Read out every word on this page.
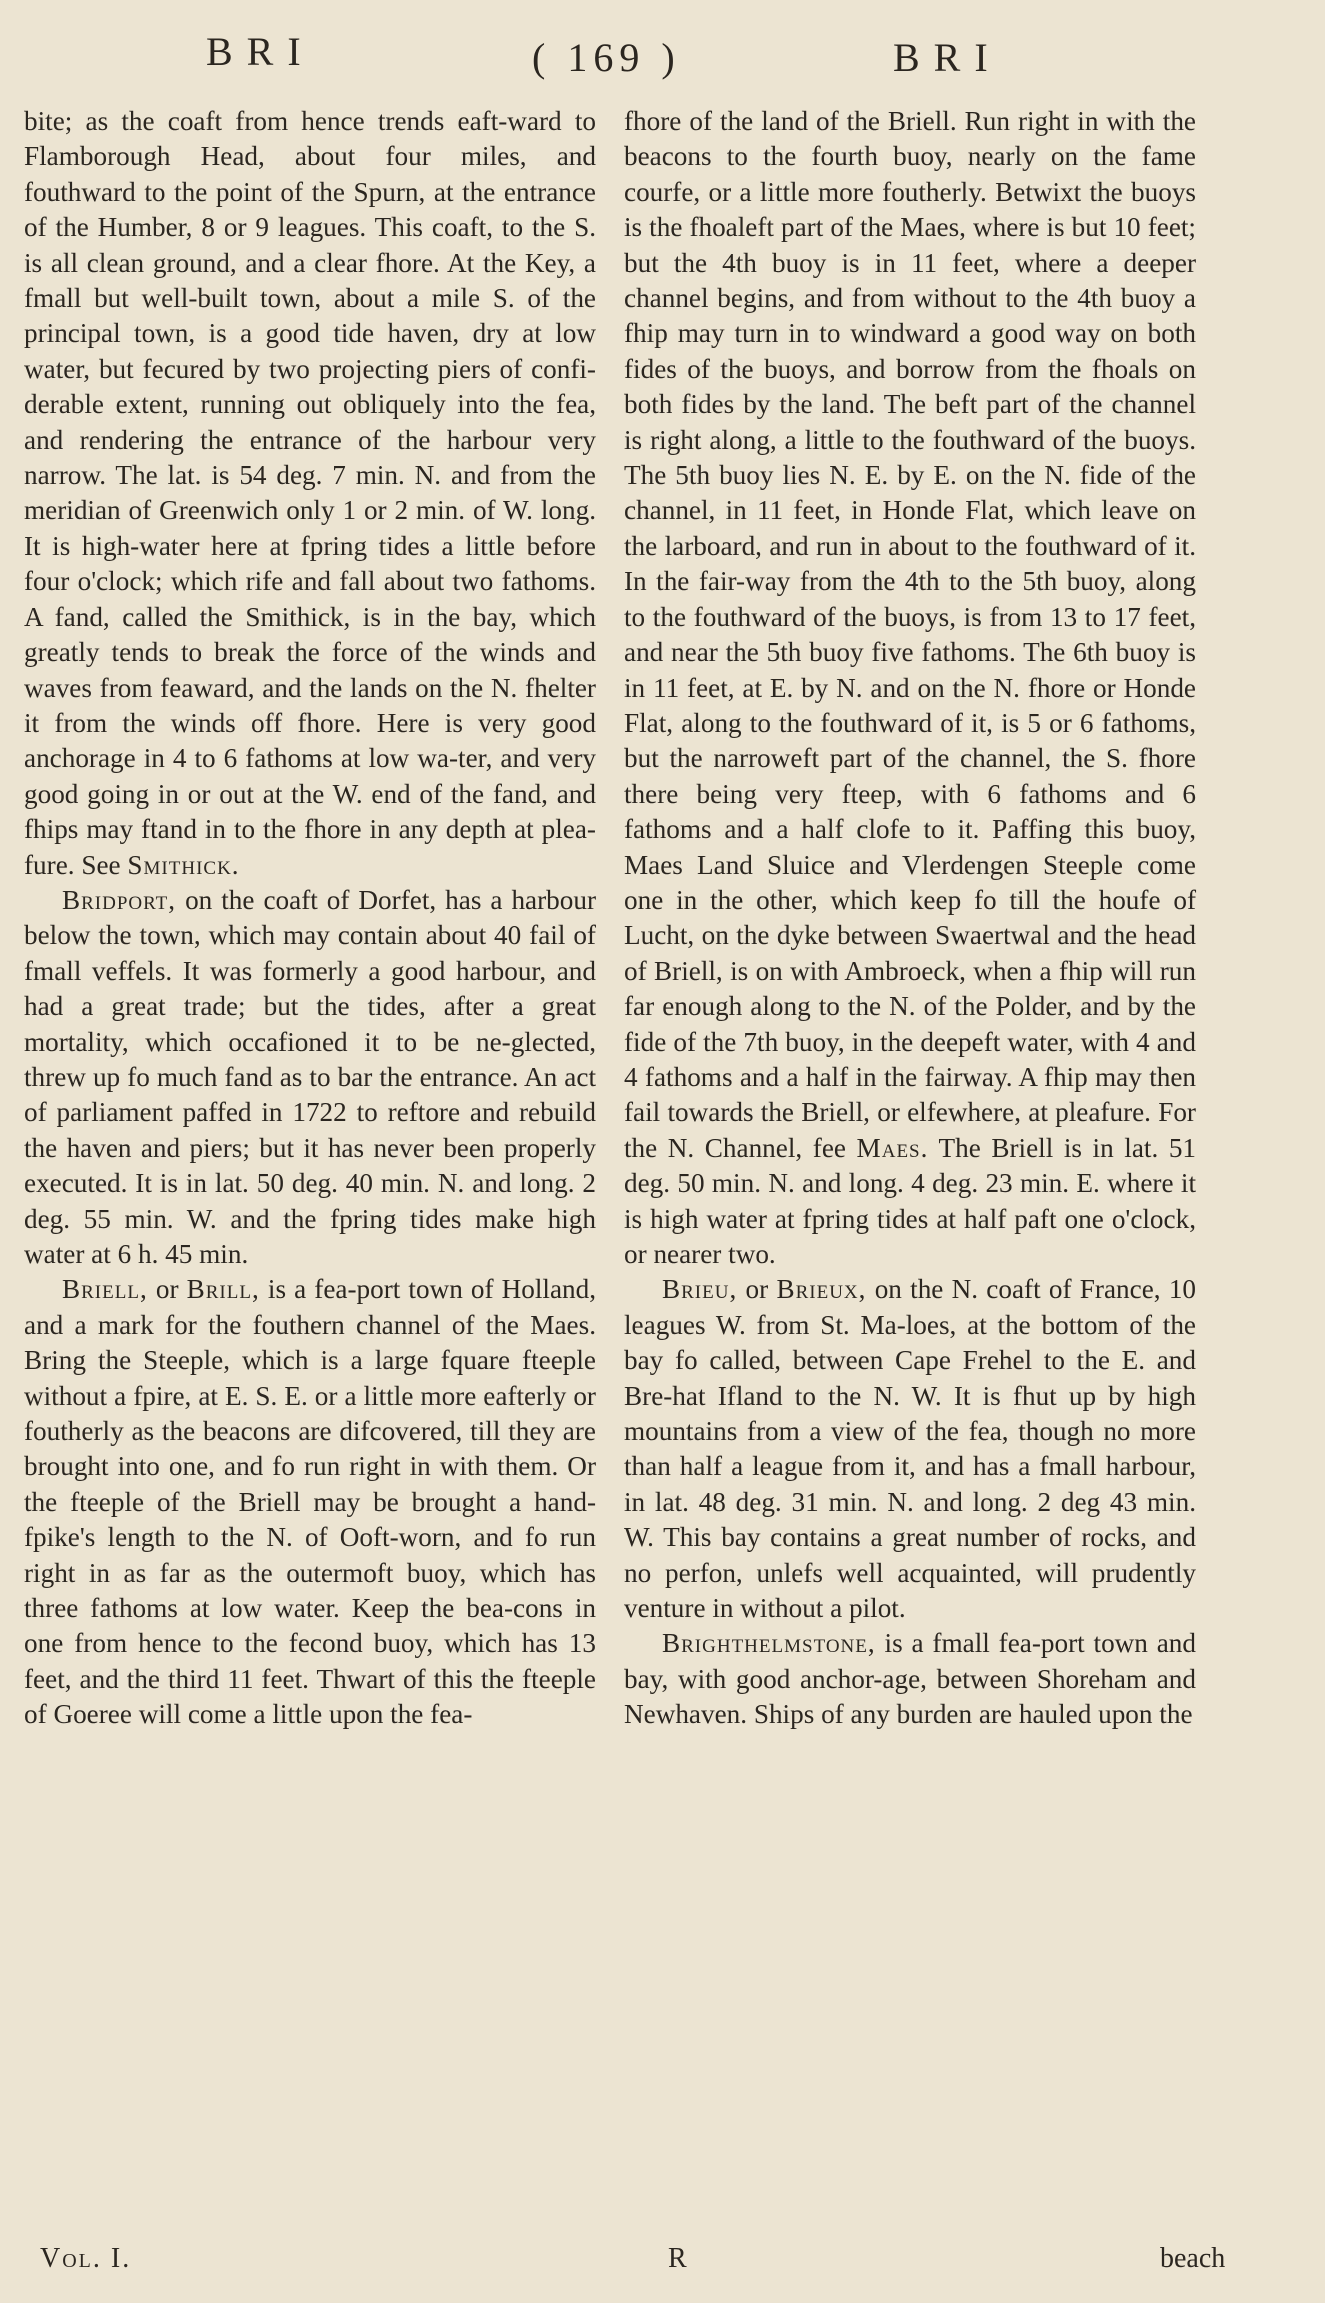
BRI	( 169 )	BRI

bite; as the coaft from hence trends eaft-ward to Flamborough Head, about four miles, and fouthward to the point of the Spurn, at the entrance of the Humber, 8 or 9 leagues. This coaft, to the S. is all clean ground, and a clear fhore. At the Key, a fmall but well-built town, about a mile S. of the principal town, is a good tide haven, dry at low water, but fecured by two projecting piers of confi-derable extent, running out obliquely into the fea, and rendering the entrance of the harbour very narrow. The lat. is 54 deg. 7 min. N. and from the meridian of Greenwich only 1 or 2 min. of W. long. It is high-water here at fpring tides a little before four o'clock; which rife and fall about two fathoms. A fand, called the Smithick, is in the bay, which greatly tends to break the force of the winds and waves from feaward, and the lands on the N. fhelter it from the winds off fhore. Here is very good anchorage in 4 to 6 fathoms at low wa-ter, and very good going in or out at the W. end of the fand, and fhips may ftand in to the fhore in any depth at plea-fure. See Smithick.

Bridport, on the coaft of Dorfet, has a harbour below the town, which may contain about 40 fail of fmall veffels. It was formerly a good harbour, and had a great trade; but the tides, after a great mortality, which occafioned it to be ne-glected, threw up fo much fand as to bar the entrance. An act of parliament paffed in 1722 to reftore and rebuild the haven and piers; but it has never been properly executed. It is in lat. 50 deg. 40 min. N. and long. 2 deg. 55 min. W. and the fpring tides make high water at 6 h. 45 min.

Briell, or Brill, is a fea-port town of Holland, and a mark for the fouthern channel of the Maes. Bring the Steeple, which is a large fquare fteeple without a fpire, at E. S. E. or a little more eafterly or foutherly as the beacons are difcovered, till they are brought into one, and fo run right in with them. Or the fteeple of the Briell may be brought a hand-fpike's length to the N. of Ooft-worn, and fo run right in as far as the outermoft buoy, which has three fathoms at low water. Keep the bea-cons in one from hence to the fecond buoy, which has 13 feet, and the third 11 feet. Thwart of this the fteeple of Goeree will come a little upon the fea-

fhore of the land of the Briell. Run right in with the beacons to the fourth buoy, nearly on the fame courfe, or a little more foutherly. Betwixt the buoys is the fhoaleft part of the Maes, where is but 10 feet; but the 4th buoy is in 11 feet, where a deeper channel begins, and from without to the 4th buoy a fhip may turn in to windward a good way on both fides of the buoys, and borrow from the fhoals on both fides by the land. The beft part of the channel is right along, a little to the fouthward of the buoys. The 5th buoy lies N. E. by E. on the N. fide of the channel, in 11 feet, in Honde Flat, which leave on the larboard, and run in about to the fouthward of it. In the fair-way from the 4th to the 5th buoy, along to the fouthward of the buoys, is from 13 to 17 feet, and near the 5th buoy five fathoms. The 6th buoy is in 11 feet, at E. by N. and on the N. fhore or Honde Flat, along to the fouthward of it, is 5 or 6 fathoms, but the narroweft part of the channel, the S. fhore there being very fteep, with 6 fathoms and 6 fathoms and a half clofe to it. Paffing this buoy, Maes Land Sluice and Vlerdengen Steeple come one in the other, which keep fo till the houfe of Lucht, on the dyke between Swaertwal and the head of Briell, is on with Ambroeck, when a fhip will run far enough along to the N. of the Polder, and by the fide of the 7th buoy, in the deepeft water, with 4 and 4 fathoms and a half in the fairway. A fhip may then fail towards the Briell, or elfewhere, at pleafure. For the N. Channel, fee Maes. The Briell is in lat. 51 deg. 50 min. N. and long. 4 deg. 23 min. E. where it is high water at fpring tides at half paft one o'clock, or nearer two.

Brieu, or Brieux, on the N. coaft of France, 10 leagues W. from St. Ma-loes, at the bottom of the bay fo called, between Cape Frehel to the E. and Bre-hat Ifland to the N. W. It is fhut up by high mountains from a view of the fea, though no more than half a league from it, and has a fmall harbour, in lat. 48 deg. 31 min. N. and long. 2 deg 43 min. W. This bay contains a great number of rocks, and no perfon, unlefs well acquainted, will prudently venture in without a pilot.

Brighthelmstone, is a fmall fea-port town and bay, with good anchor-age, between Shoreham and Newhaven. Ships of any burden are hauled upon the

Vol. I.	R	beach
